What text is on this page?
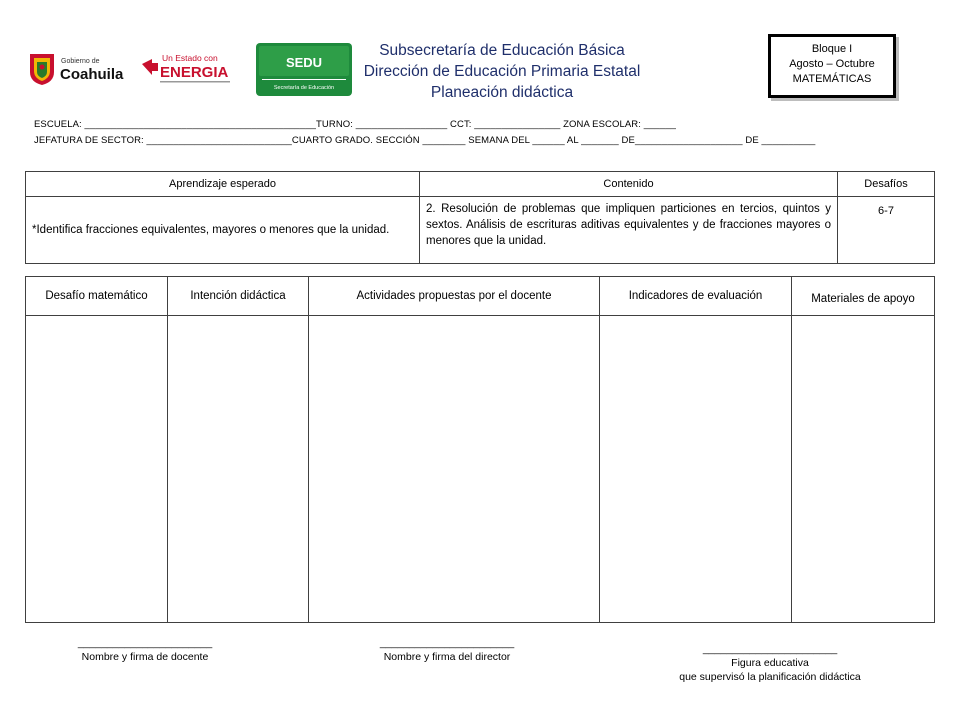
Gobierno de
Coahuila
Un Estado con
ENERGIA
SEDU
Secretaría de Educación
Subsecretaría de Educación Básica
Dirección de Educación Primaria Estatal
Planeación didáctica
Bloque I
Agosto – Octubre
MATEMÁTICAS
ESCUELA: ___________________________________________TURNO: _________________ CCT: ________________ ZONA ESCOLAR: ______
JEFATURA DE SECTOR: ___________________________CUARTO GRADO. SECCIÓN ________ SEMANA DEL ______ AL _______ DE____________________ DE __________
Aprendizaje esperado	Contenido	Desafíos
*Identifica fracciones equivalentes, mayores o menores que la unidad.	2. Resolución de problemas que impliquen particiones en tercios, quintos y sextos. Análisis de escrituras aditivas equivalentes y de fracciones mayores o menores que la unidad.	6-7
Desafío matemático	Intención didáctica	Actividades propuestas por el docente	Indicadores de evaluación	Materiales de apoyo

_______________________
Nombre y firma de docente
_______________________
Nombre y firma del director
_______________________
Figura educativa
que supervisó la planificación didáctica
